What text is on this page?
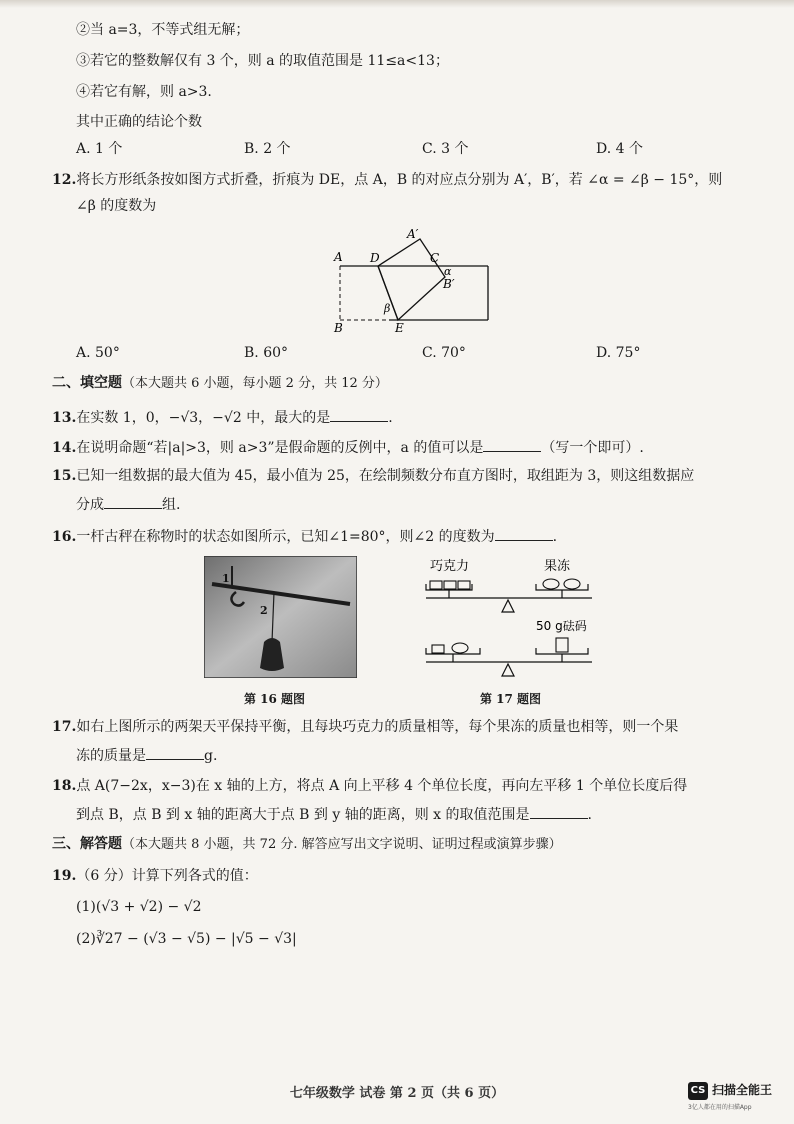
②当 a=3，不等式组无解；
③若它的整数解仅有 3 个，则 a 的取值范围是 11≤a<13；
④若它有解，则 a>3.
其中正确的结论个数
A. 1 个	B. 2 个	C. 3 个	D. 4 个
12.将长方形纸条按如图方式折叠，折痕为 DE，点 A，B 的对应点分别为 A′，B′，若 ∠α = ∠β − 15°，则
∠β 的度数为
A D	C
A′
α
B′
β
B	E
A. 50°	B. 60°	C. 70°	D. 75°
二、填空题（本大题共 6 小题，每小题 2 分，共 12 分）
13.在实数 1，0，−√3，−√2 中，最大的是	.
14.在说明命题“若|a|>3，则 a>3”是假命题的反例中，a 的值可以是	（写一个即可）.
15.已知一组数据的最大值为 45，最小值为 25，在绘制频数分布直方图时，取组距为 3，则这组数据应
分成	组.
16.一杆古秤在称物时的状态如图所示，已知∠1=80°，则∠2 的度数为	.
1
2
第 16 题图
巧克力	果冻
50 g砝码
第 17 题图
17.如右上图所示的两架天平保持平衡，且每块巧克力的质量相等，每个果冻的质量也相等，则一个果
冻的质量是	g.
18.点 A(7−2x，x−3)在 x 轴的上方，将点 A 向上平移 4 个单位长度，再向左平移 1 个单位长度后得
到点 B，点 B 到 x 轴的距离大于点 B 到 y 轴的距离，则 x 的取值范围是	.
三、解答题（本大题共 8 小题，共 72 分. 解答应写出文字说明、证明过程或演算步骤）
19.（6 分）计算下列各式的值：
(1)(√3 + √2) − √2
(2)∛27 − (√3 − √5) − |√5 − √3|
七年级数学 试卷 第 2 页（共 6 页）	CS 扫描全能王
3亿人都在用的扫描App
